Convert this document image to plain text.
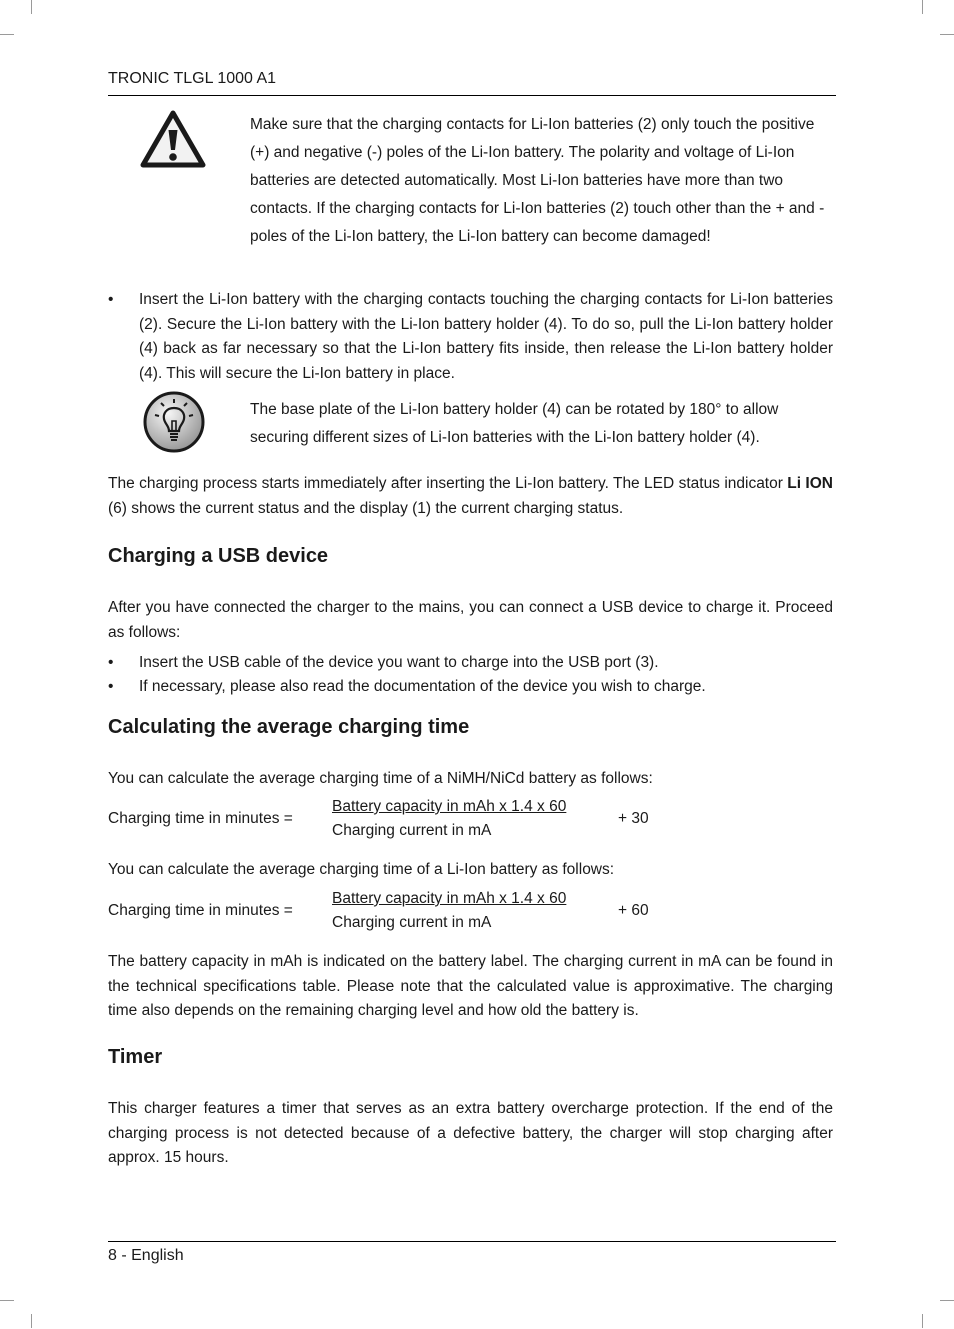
TRONIC TLGL 1000 A1
Make sure that the charging contacts for Li-Ion batteries (2) only touch the positive (+) and negative (-) poles of the Li-Ion battery. The polarity and voltage of Li-Ion batteries are detected automatically. Most Li-Ion batteries have more than two contacts. If the charging contacts for Li-Ion batteries (2) touch other than the + and - poles of the Li-Ion battery, the Li-Ion battery can become damaged!
•	Insert the Li-Ion battery with the charging contacts touching the charging contacts for Li-Ion batteries (2). Secure the Li-Ion battery with the Li-Ion battery holder (4). To do so, pull the Li-Ion battery holder (4) back as far necessary so that the Li-Ion battery fits inside, then release the Li-Ion battery holder (4). This will secure the Li-Ion battery in place.
The base plate of the Li-Ion battery holder (4) can be rotated by 180° to allow securing different sizes of Li-Ion batteries with the Li-Ion battery holder (4).
The charging process starts immediately after inserting the Li-Ion battery. The LED status indicator Li ION (6) shows the current status and the display (1) the current charging status.
Charging a USB device
After you have connected the charger to the mains, you can connect a USB device to charge it. Proceed as follows:
•	Insert the USB cable of the device you want to charge into the USB port (3).
•	If necessary, please also read the documentation of the device you wish to charge.
Calculating the average charging time
You can calculate the average charging time of a NiMH/NiCd battery as follows:
Charging time in minutes =
Battery capacity in mAh x 1.4 x 60
Charging current in mA
+ 30
You can calculate the average charging time of a Li-Ion battery as follows:
Charging time in minutes =
Battery capacity in mAh x 1.4 x 60
Charging current in mA
+ 60
The battery capacity in mAh is indicated on the battery label. The charging current in mA can be found in the technical specifications table. Please note that the calculated value is approximative. The charging time also depends on the remaining charging level and how old the battery is.
Timer
This charger features a timer that serves as an extra battery overcharge protection. If the end of the charging process is not detected because of a defective battery, the charger will stop charging after approx. 15 hours.
8 - English
